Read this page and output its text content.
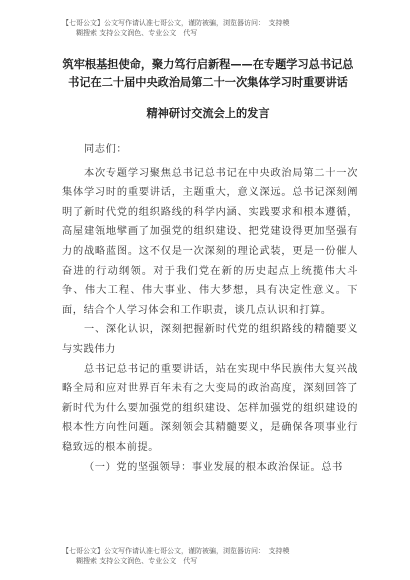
【七哥公文】公文写作请认准七哥公文，谨防被骗，浏览器访问：　支持模
糊搜索 支持公文润色、专业公文　代写
筑牢根基担使命，聚力笃行启新程——在专题学习总书记总
书记在二十届中央政治局第二十一次集体学习时重要讲话
精神研讨交流会上的发言
同志们：

本次专题学习聚焦总书记总书记在中央政治局第二十一次集体学习时的重要讲话，主题重大，意义深远。总书记深刻阐明了新时代党的组织路线的科学内涵、实践要求和根本遵循，高屋建瓴地擘画了加强党的组织建设、把党建设得更加坚强有力的战略蓝图。这不仅是一次深刻的理论武装，更是一份催人奋进的行动纲领。对于我们党在新的历史起点上统揽伟大斗争、伟大工程、伟大事业、伟大梦想，具有决定性意义。下面，结合个人学习体会和工作职责，谈几点认识和打算。

一、深化认识，深刻把握新时代党的组织路线的精髓要义与实践伟力

总书记总书记的重要讲话，站在实现中华民族伟大复兴战略全局和应对世界百年未有之大变局的政治高度，深刻回答了新时代为什么要加强党的组织建设、怎样加强党的组织建设的根本性方向性问题。深刻领会其精髓要义，是确保各项事业行稳致远的根本前提。

（一）党的坚强领导：事业发展的根本政治保证。总书

【七哥公文】公文写作请认准七哥公文，谨防被骗，浏览器访问：　支持模
糊搜索 支持公文润色、专业公文　代写
